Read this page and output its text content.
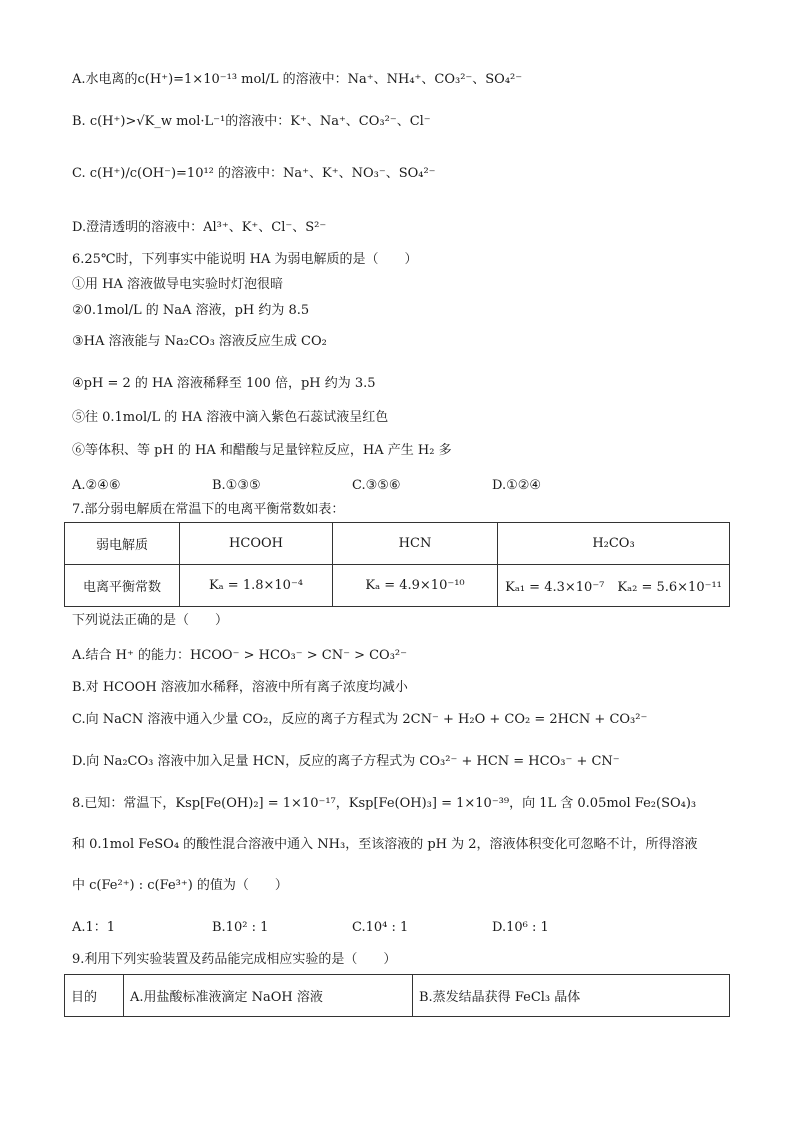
A.水电离的c(H⁺)=1×10⁻¹³ mol/L 的溶液中：Na⁺、NH₄⁺、CO₃²⁻、SO₄²⁻
B. c(H⁺)>√K_w mol·L⁻¹的溶液中：K⁺、Na⁺、CO₃²⁻、Cl⁻
C. c(H⁺)/c(OH⁻)=10¹² 的溶液中：Na⁺、K⁺、NO₃⁻、SO₄²⁻
D.澄清透明的溶液中：Al³⁺、K⁺、Cl⁻、S²⁻
6.25℃时，下列事实中能说明 HA 为弱电解质的是（　　）
①用 HA 溶液做导电实验时灯泡很暗
②0.1mol/L 的 NaA 溶液，pH 约为 8.5
③HA 溶液能与 Na₂CO₃ 溶液反应生成 CO₂
④pH = 2 的 HA 溶液稀释至 100 倍，pH 约为 3.5
⑤往 0.1mol/L 的 HA 溶液中滴入紫色石蕊试液呈红色
⑥等体积、等 pH 的 HA 和醋酸与足量锌粒反应，HA 产生 H₂ 多
A.②④⑥	B.①③⑤	C.③⑤⑥	D.①②④
7.部分弱电解质在常温下的电离平衡常数如表：
弱电解质	HCOOH	HCN	H₂CO₃
电离平衡常数	Kₐ = 1.8×10⁻⁴	Kₐ = 4.9×10⁻¹⁰	Kₐ₁ = 4.3×10⁻⁷　Kₐ₂ = 5.6×10⁻¹¹
下列说法正确的是（　　）
A.结合 H⁺ 的能力：HCOO⁻ > HCO₃⁻ > CN⁻ > CO₃²⁻
B.对 HCOOH 溶液加水稀释，溶液中所有离子浓度均减小
C.向 NaCN 溶液中通入少量 CO₂，反应的离子方程式为 2CN⁻ + H₂O + CO₂ = 2HCN + CO₃²⁻
D.向 Na₂CO₃ 溶液中加入足量 HCN，反应的离子方程式为 CO₃²⁻ + HCN = HCO₃⁻ + CN⁻
8.已知：常温下，Ksp[Fe(OH)₂] = 1×10⁻¹⁷，Ksp[Fe(OH)₃] = 1×10⁻³⁹，向 1L 含 0.05mol Fe₂(SO₄)₃
和 0.1mol FeSO₄ 的酸性混合溶液中通入 NH₃，至该溶液的 pH 为 2，溶液体积变化可忽略不计，所得溶液
中 c(Fe²⁺) : c(Fe³⁺) 的值为（　　）
A.1：1	B.10² : 1	C.10⁴ : 1	D.10⁶ : 1
9.利用下列实验装置及药品能完成相应实验的是（　　）
目的	A.用盐酸标准液滴定 NaOH 溶液	B.蒸发结晶获得 FeCl₃ 晶体
